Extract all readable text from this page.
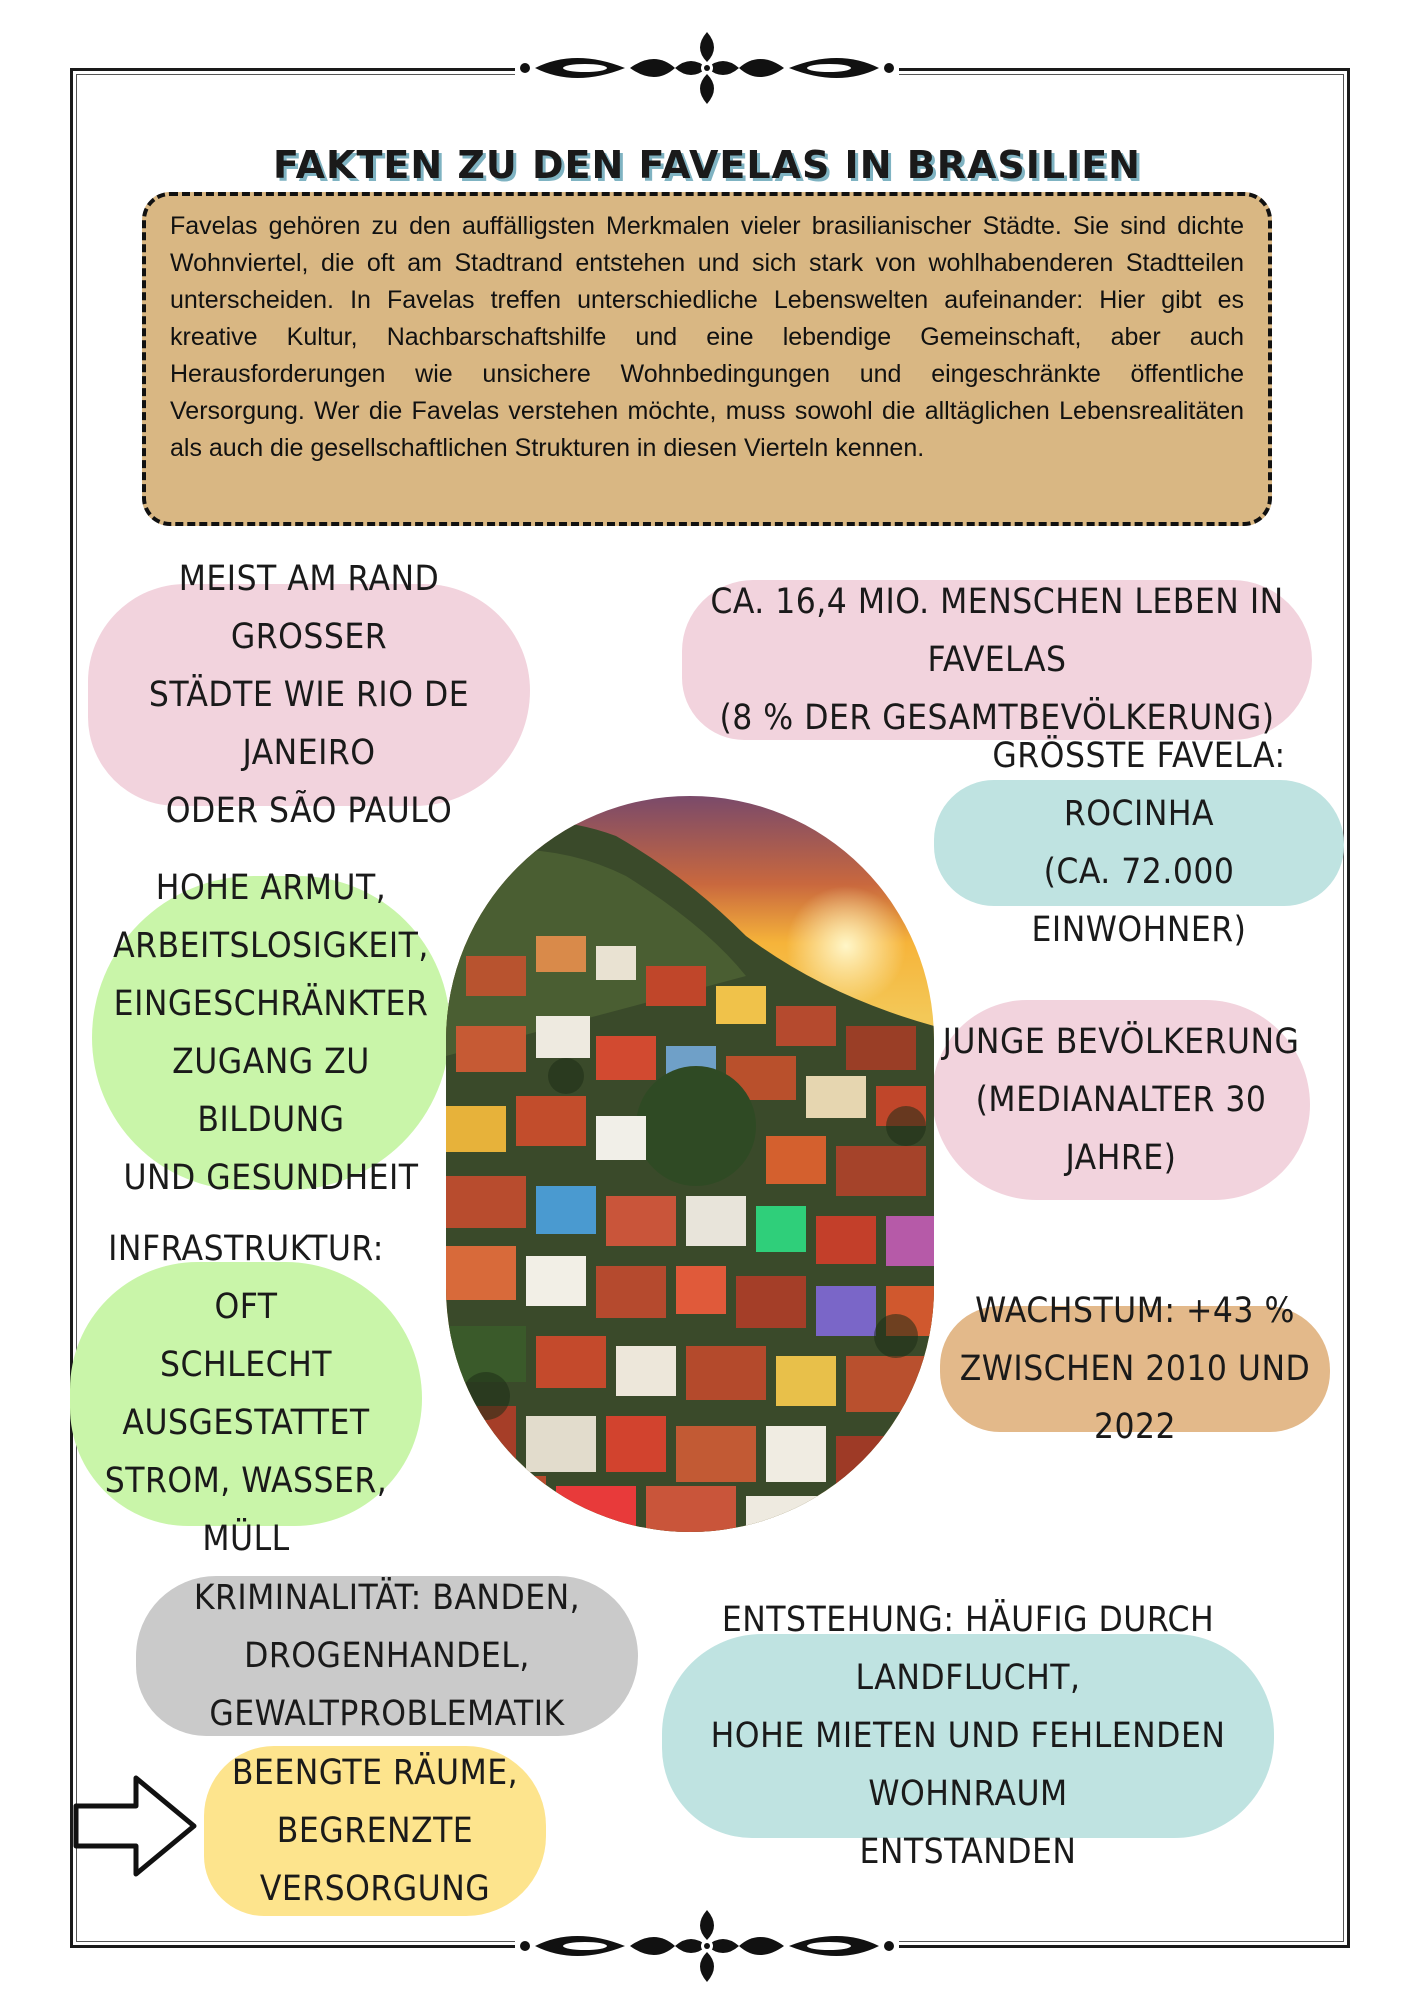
FAKTEN ZU DEN FAVELAS IN BRASILIEN
Favelas gehören zu den auffälligsten Merkmalen vieler brasilianischer Städte. Sie sind dichte Wohnviertel, die oft am Stadtrand entstehen und sich stark von wohlhabenderen Stadtteilen unterscheiden. In Favelas treffen unterschiedliche Lebenswelten aufeinander: Hier gibt es kreative Kultur, Nachbarschaftshilfe und eine lebendige Gemeinschaft, aber auch Herausforderungen wie unsichere Wohnbedingungen und eingeschränkte öffentliche Versorgung. Wer die Favelas verstehen möchte, muss sowohl die alltäglichen Lebensrealitäten als auch die gesellschaftlichen Strukturen in diesen Vierteln kennen.
MEIST AM RAND GROSSER
STÄDTE WIE RIO DE JANEIRO
ODER SÃO PAULO
CA. 16,4 MIO. MENSCHEN LEBEN IN FAVELAS
(8 % DER GESAMTBEVÖLKERUNG)
GRÖSSTE FAVELA: ROCINHA
(CA. 72.000 EINWOHNER)
HOHE ARMUT,
ARBEITSLOSIGKEIT,
EINGESCHRÄNKTER
ZUGANG ZU BILDUNG
UND GESUNDHEIT
JUNGE BEVÖLKERUNG
(MEDIANALTER 30 JAHRE)
INFRASTRUKTUR: OFT
SCHLECHT AUSGESTATTET
STROM, WASSER, MÜLL
WACHSTUM: +43 %
ZWISCHEN 2010 UND 2022
KRIMINALITÄT: BANDEN,
DROGENHANDEL, GEWALTPROBLEMATIK
ENTSTEHUNG: HÄUFIG DURCH LANDFLUCHT,
HOHE MIETEN UND FEHLENDEN WOHNRAUM
ENTSTANDEN
BEENGTE RÄUME,
BEGRENZTE VERSORGUNG
